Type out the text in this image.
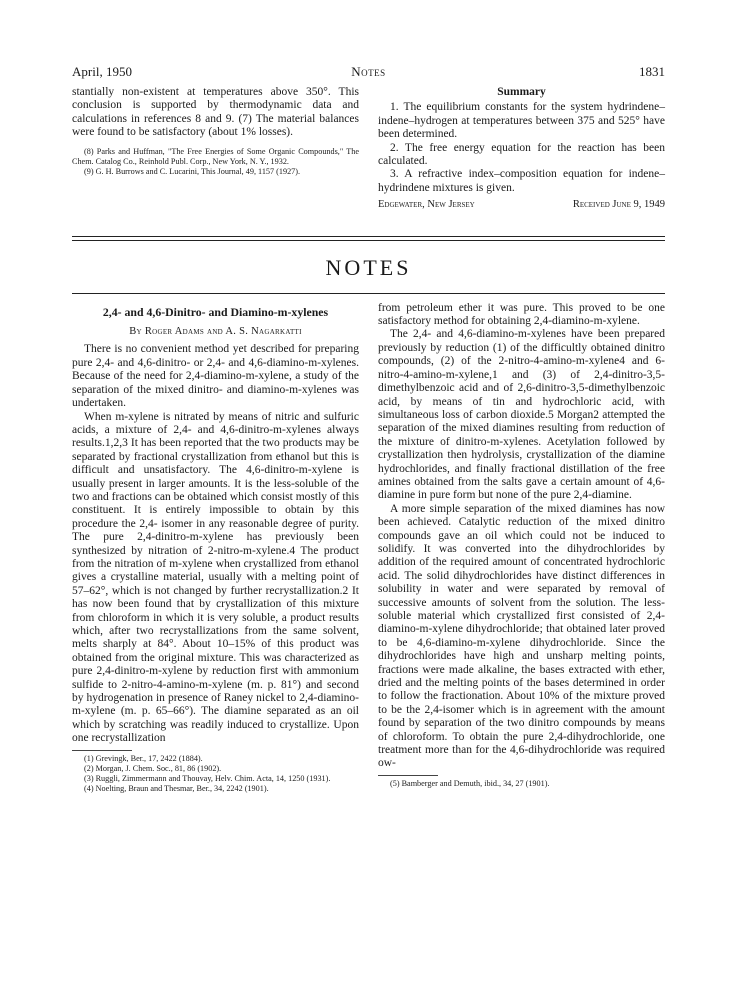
April, 1950	Notes	1831

stantially non-existent at temperatures above 350°. This conclusion is supported by thermodynamic data and calculations in references 8 and 9. (7) The material balances were found to be satisfactory (about 1% losses).

(8) Parks and Huffman, "The Free Energies of Some Organic Compounds," The Chem. Catalog Co., Reinhold Publ. Corp., New York, N. Y., 1932.

(9) G. H. Burrows and C. Lucarini, This Journal, 49, 1157 (1927).

Summary

1. The equilibrium constants for the system hydrindene–indene–hydrogen at temperatures between 375 and 525° have been determined.

2. The free energy equation for the reaction has been calculated.

3. A refractive index–composition equation for indene–hydrindene mixtures is given.

Edgewater, New Jersey	Received June 9, 1949
NOTES
2,4- and 4,6-Dinitro- and Diamino-m-xylenes
By Roger Adams and A. S. Nagarkatti

There is no convenient method yet described for preparing pure 2,4- and 4,6-dinitro- or 2,4- and 4,6-diamino-m-xylenes. Because of the need for 2,4-diamino-m-xylene, a study of the separation of the mixed dinitro- and diamino-m-xylenes was undertaken.

When m-xylene is nitrated by means of nitric and sulfuric acids, a mixture of 2,4- and 4,6-dinitro-m-xylenes always results.1,2,3 It has been reported that the two products may be separated by fractional crystallization from ethanol but this is difficult and unsatisfactory. The 4,6-dinitro-m-xylene is usually present in larger amounts. It is the less-soluble of the two and fractions can be obtained which consist mostly of this constituent. It is entirely impossible to obtain by this procedure the 2,4- isomer in any reasonable degree of purity. The pure 2,4-dinitro-m-xylene has previously been synthesized by nitration of 2-nitro-m-xylene.4 The product from the nitration of m-xylene when crystallized from ethanol gives a crystalline material, usually with a melting point of 57–62°, which is not changed by further recrystallization.2 It has now been found that by crystallization of this mixture from chloroform in which it is very soluble, a product results which, after two recrystallizations from the same solvent, melts sharply at 84°. About 10–15% of this product was obtained from the original mixture. This was characterized as pure 2,4-dinitro-m-xylene by reduction first with ammonium sulfide to 2-nitro-4-amino-m-xylene (m. p. 81°) and second by hydrogenation in presence of Raney nickel to 2,4-diamino-m-xylene (m. p. 65–66°). The diamine separated as an oil which by scratching was readily induced to crystallize. Upon one recrystallization

(1) Grevingk, Ber., 17, 2422 (1884).

(2) Morgan, J. Chem. Soc., 81, 86 (1902).

(3) Ruggli, Zimmermann and Thouvay, Helv. Chim. Acta, 14, 1250 (1931).

(4) Noelting, Braun and Thesmar, Ber., 34, 2242 (1901).

from petroleum ether it was pure. This proved to be one satisfactory method for obtaining 2,4-diamino-m-xylene.

The 2,4- and 4,6-diamino-m-xylenes have been prepared previously by reduction (1) of the difficultly obtained dinitro compounds, (2) of the 2-nitro-4-amino-m-xylene4 and 6-nitro-4-amino-m-xylene,1 and (3) of 2,4-dinitro-3,5-dimethylbenzoic acid and of 2,6-dinitro-3,5-dimethylbenzoic acid, by means of tin and hydrochloric acid, with simultaneous loss of carbon dioxide.5 Morgan2 attempted the separation of the mixed diamines resulting from reduction of the mixture of dinitro-m-xylenes. Acetylation followed by crystallization then hydrolysis, crystallization of the diamine hydrochlorides, and finally fractional distillation of the free amines obtained from the salts gave a certain amount of 4,6-diamine in pure form but none of the pure 2,4-diamine.

A more simple separation of the mixed diamines has now been achieved. Catalytic reduction of the mixed dinitro compounds gave an oil which could not be induced to solidify. It was converted into the dihydrochlorides by addition of the required amount of concentrated hydrochloric acid. The solid dihydrochlorides have distinct differences in solubility in water and were separated by removal of successive amounts of solvent from the solution. The less-soluble material which crystallized first consisted of 2,4-diamino-m-xylene dihydrochloride; that obtained later proved to be 4,6-diamino-m-xylene dihydrochloride. Since the dihydrochlorides have high and unsharp melting points, fractions were made alkaline, the bases extracted with ether, dried and the melting points of the bases determined in order to follow the fractionation. About 10% of the mixture proved to be the 2,4-isomer which is in agreement with the amount found by separation of the two dinitro compounds by means of chloroform. To obtain the pure 2,4-dihydrochloride, one treatment more than for the 4,6-dihydrochloride was required ow-

(5) Bamberger and Demuth, ibid., 34, 27 (1901).
